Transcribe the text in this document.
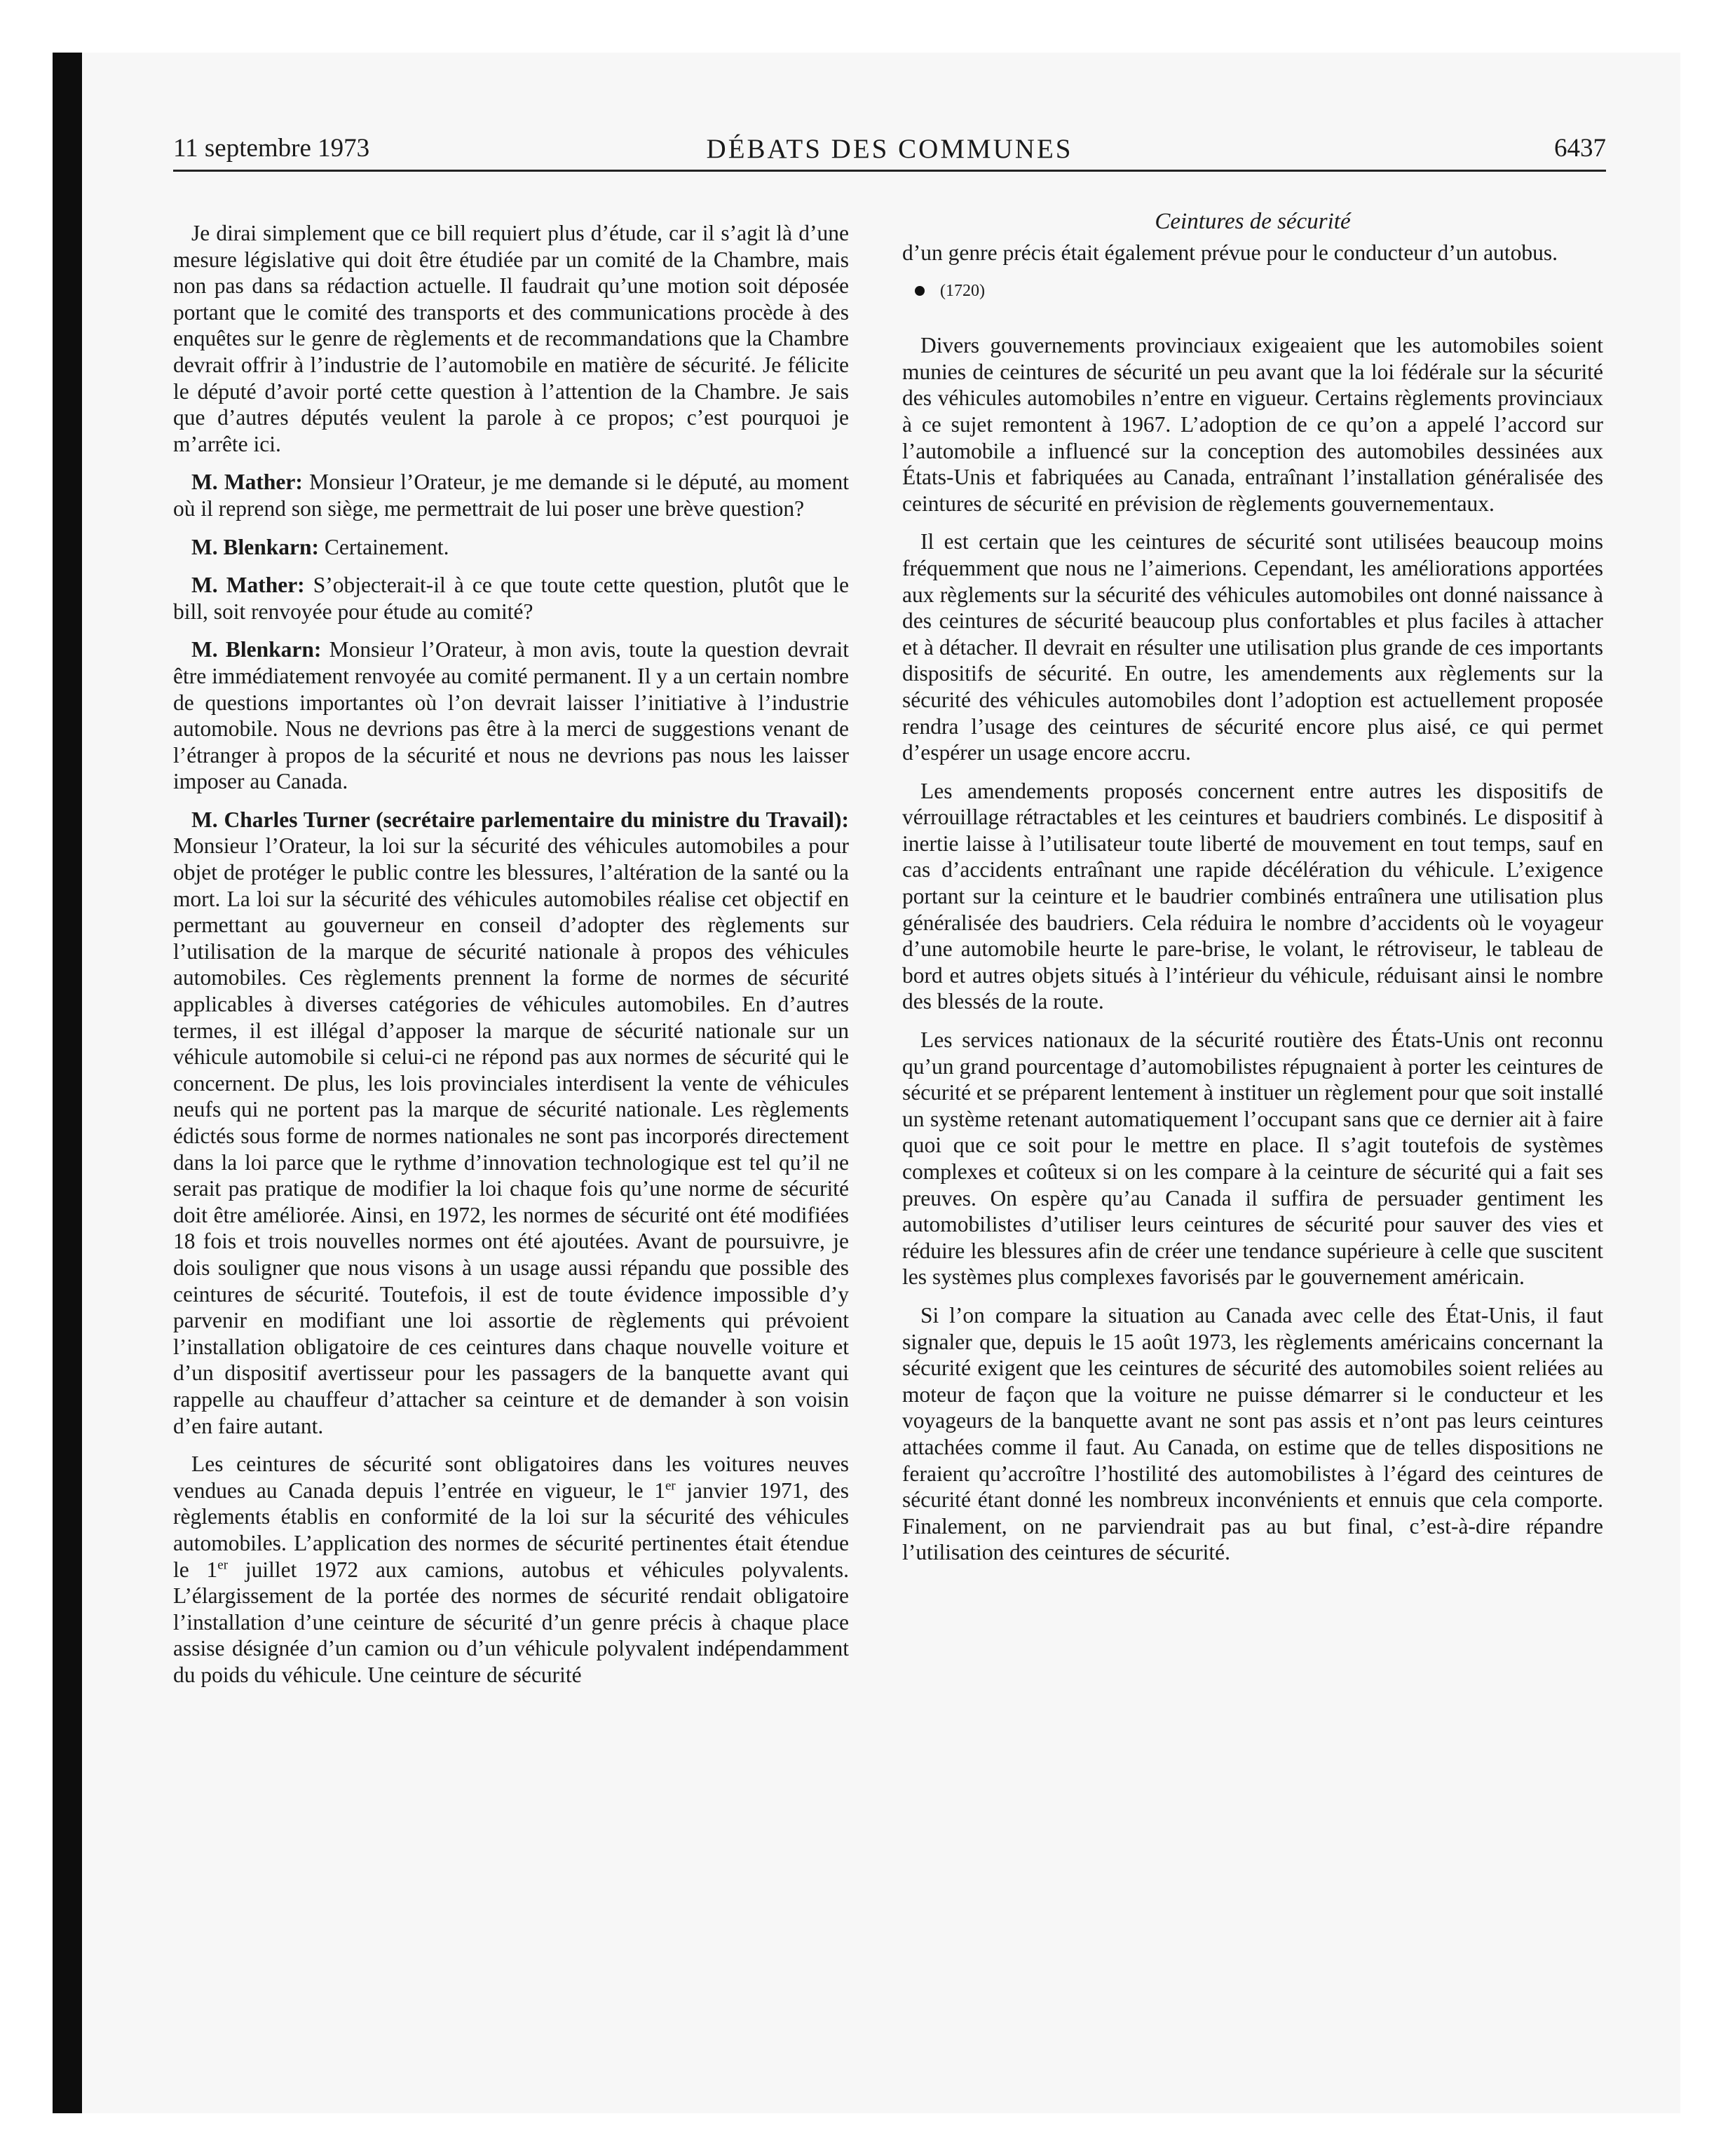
11 septembre 1973	DÉBATS DES COMMUNES	6437

Je dirai simplement que ce bill requiert plus d’étude, car il s’agit là d’une mesure législative qui doit être étudiée par un comité de la Chambre, mais non pas dans sa rédaction actuelle. Il faudrait qu’une motion soit déposée portant que le comité des transports et des communications procède à des enquêtes sur le genre de règlements et de recommandations que la Chambre devrait offrir à l’industrie de l’automobile en matière de sécurité. Je félicite le député d’avoir porté cette question à l’attention de la Chambre. Je sais que d’autres députés veulent la parole à ce propos; c’est pourquoi je m’arrête ici.

M. Mather: Monsieur l’Orateur, je me demande si le député, au moment où il reprend son siège, me permettrait de lui poser une brève question?

M. Blenkarn: Certainement.

M. Mather: S’objecterait-il à ce que toute cette question, plutôt que le bill, soit renvoyée pour étude au comité?

M. Blenkarn: Monsieur l’Orateur, à mon avis, toute la question devrait être immédiatement renvoyée au comité permanent. Il y a un certain nombre de questions importantes où l’on devrait laisser l’initiative à l’industrie automobile. Nous ne devrions pas être à la merci de suggestions venant de l’étranger à propos de la sécurité et nous ne devrions pas nous les laisser imposer au Canada.

M. Charles Turner (secrétaire parlementaire du ministre du Travail): Monsieur l’Orateur, la loi sur la sécurité des véhicules automobiles a pour objet de protéger le public contre les blessures, l’altération de la santé ou la mort. La loi sur la sécurité des véhicules automobiles réalise cet objectif en permettant au gouverneur en conseil d’adopter des règlements sur l’utilisation de la marque de sécurité nationale à propos des véhicules automobiles. Ces règlements prennent la forme de normes de sécurité applicables à diverses catégories de véhicules automobiles. En d’autres termes, il est illégal d’apposer la marque de sécurité nationale sur un véhicule automobile si celui-ci ne répond pas aux normes de sécurité qui le concernent. De plus, les lois provinciales interdisent la vente de véhicules neufs qui ne portent pas la marque de sécurité nationale. Les règlements édictés sous forme de normes nationales ne sont pas incorporés directement dans la loi parce que le rythme d’innovation technologique est tel qu’il ne serait pas pratique de modifier la loi chaque fois qu’une norme de sécurité doit être améliorée. Ainsi, en 1972, les normes de sécurité ont été modifiées 18 fois et trois nouvelles normes ont été ajoutées. Avant de poursuivre, je dois souligner que nous visons à un usage aussi répandu que possible des ceintures de sécurité. Toutefois, il est de toute évidence impossible d’y parvenir en modifiant une loi assortie de règlements qui prévoient l’installation obligatoire de ces ceintures dans chaque nouvelle voiture et d’un dispositif avertisseur pour les passagers de la banquette avant qui rappelle au chauffeur d’attacher sa ceinture et de demander à son voisin d’en faire autant.

Les ceintures de sécurité sont obligatoires dans les voitures neuves vendues au Canada depuis l’entrée en vigueur, le 1er janvier 1971, des règlements établis en conformité de la loi sur la sécurité des véhicules automobiles. L’application des normes de sécurité pertinentes était étendue le 1er juillet 1972 aux camions, autobus et véhicules polyvalents. L’élargissement de la portée des normes de sécurité rendait obligatoire l’installation d’une ceinture de sécurité d’un genre précis à chaque place assise désignée d’un camion ou d’un véhicule polyvalent indépendamment du poids du véhicule. Une ceinture de sécurité

Ceintures de sécurité

d’un genre précis était également prévue pour le conducteur d’un autobus.

(1720)

Divers gouvernements provinciaux exigeaient que les automobiles soient munies de ceintures de sécurité un peu avant que la loi fédérale sur la sécurité des véhicules automobiles n’entre en vigueur. Certains règlements provinciaux à ce sujet remontent à 1967. L’adoption de ce qu’on a appelé l’accord sur l’automobile a influencé sur la conception des automobiles dessinées aux États-Unis et fabriquées au Canada, entraînant l’installation généralisée des ceintures de sécurité en prévision de règlements gouvernementaux.

Il est certain que les ceintures de sécurité sont utilisées beaucoup moins fréquemment que nous ne l’aimerions. Cependant, les améliorations apportées aux règlements sur la sécurité des véhicules automobiles ont donné naissance à des ceintures de sécurité beaucoup plus confortables et plus faciles à attacher et à détacher. Il devrait en résulter une utilisation plus grande de ces importants dispositifs de sécurité. En outre, les amendements aux règlements sur la sécurité des véhicules automobiles dont l’adoption est actuellement proposée rendra l’usage des ceintures de sécurité encore plus aisé, ce qui permet d’espérer un usage encore accru.

Les amendements proposés concernent entre autres les dispositifs de vérrouillage rétractables et les ceintures et baudriers combinés. Le dispositif à inertie laisse à l’utilisateur toute liberté de mouvement en tout temps, sauf en cas d’accidents entraînant une rapide décélération du véhicule. L’exigence portant sur la ceinture et le baudrier combinés entraînera une utilisation plus généralisée des baudriers. Cela réduira le nombre d’accidents où le voyageur d’une automobile heurte le pare-brise, le volant, le rétroviseur, le tableau de bord et autres objets situés à l’intérieur du véhicule, réduisant ainsi le nombre des blessés de la route.

Les services nationaux de la sécurité routière des États-Unis ont reconnu qu’un grand pourcentage d’automobilistes répugnaient à porter les ceintures de sécurité et se préparent lentement à instituer un règlement pour que soit installé un système retenant automatiquement l’occupant sans que ce dernier ait à faire quoi que ce soit pour le mettre en place. Il s’agit toutefois de systèmes complexes et coûteux si on les compare à la ceinture de sécurité qui a fait ses preuves. On espère qu’au Canada il suffira de persuader gentiment les automobilistes d’utiliser leurs ceintures de sécurité pour sauver des vies et réduire les blessures afin de créer une tendance supérieure à celle que suscitent les systèmes plus complexes favorisés par le gouvernement américain.

Si l’on compare la situation au Canada avec celle des État-Unis, il faut signaler que, depuis le 15 août 1973, les règlements américains concernant la sécurité exigent que les ceintures de sécurité des automobiles soient reliées au moteur de façon que la voiture ne puisse démarrer si le conducteur et les voyageurs de la banquette avant ne sont pas assis et n’ont pas leurs ceintures attachées comme il faut. Au Canada, on estime que de telles dispositions ne feraient qu’accroître l’hostilité des automobilistes à l’égard des ceintures de sécurité étant donné les nombreux inconvénients et ennuis que cela comporte. Finalement, on ne parviendrait pas au but final, c’est-à-dire répandre l’utilisation des ceintures de sécurité.
